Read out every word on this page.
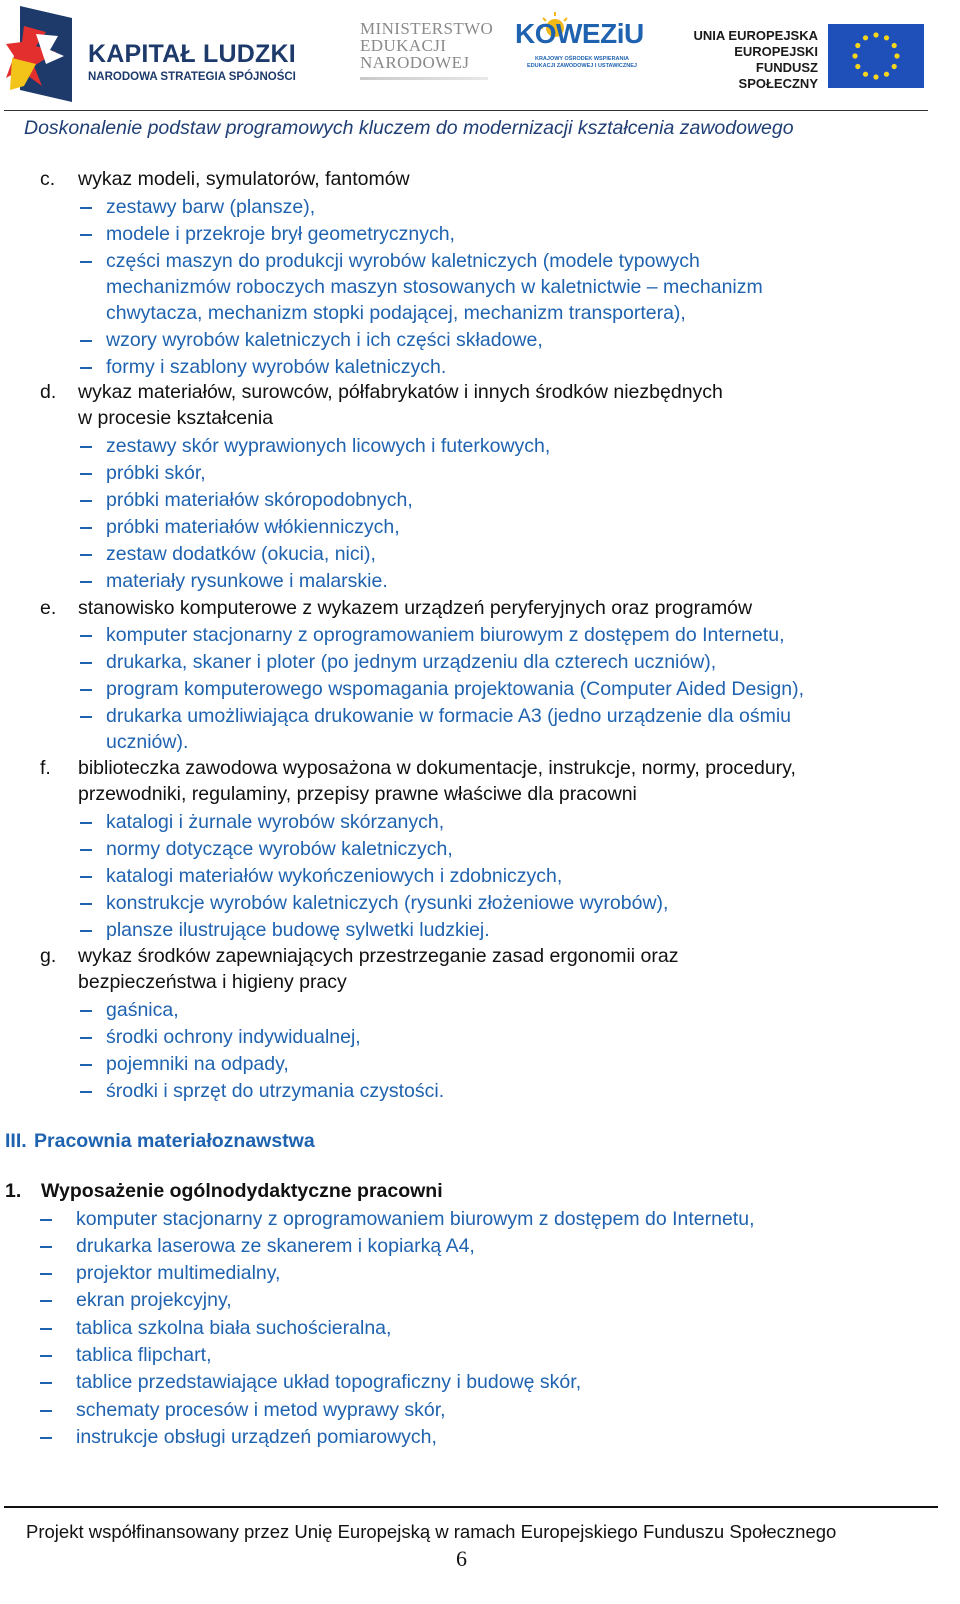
KAPITAŁ LUDZKI
NARODOWA STRATEGIA SPÓJNOŚCI
MINISTERSTWO
EDUKACJI
NARODOWEJ
KOWEZiU
KRAJOWY OŚRODEK WSPIERANIA
EDUKACJI ZAWODOWEJ I USTAWICZNEJ
UNIA EUROPEJSKA
EUROPEJSKI
FUNDUSZ SPOŁECZNY
Doskonalenie podstaw programowych kluczem do modernizacji kształcenia zawodowego
c. wykaz modeli, symulatorów, fantomów
zestawy barw (plansze),
modele i przekroje brył geometrycznych,
części maszyn do produkcji wyrobów kaletniczych (modele typowych
mechanizmów roboczych maszyn stosowanych w kaletnictwie – mechanizm
chwytacza, mechanizm stopki podającej, mechanizm transportera),
wzory wyrobów kaletniczych i ich części składowe,
formy i szablony wyrobów kaletniczych.
d. wykaz materiałów, surowców, półfabrykatów i innych środków niezbędnych
w procesie kształcenia
zestawy skór wyprawionych licowych i futerkowych,
próbki skór,
próbki materiałów skóropodobnych,
próbki materiałów włókienniczych,
zestaw dodatków (okucia, nici),
materiały rysunkowe i malarskie.
e. stanowisko komputerowe z wykazem urządzeń peryferyjnych oraz programów
komputer stacjonarny z oprogramowaniem biurowym z dostępem do Internetu,
drukarka, skaner i ploter (po jednym urządzeniu dla czterech uczniów),
program komputerowego wspomagania projektowania (Computer Aided Design),
drukarka umożliwiająca drukowanie w formacie A3 (jedno urządzenie dla ośmiu
uczniów).
f. biblioteczka zawodowa wyposażona w dokumentacje, instrukcje, normy, procedury,
przewodniki, regulaminy, przepisy prawne właściwe dla pracowni
katalogi i żurnale wyrobów skórzanych,
normy dotyczące wyrobów kaletniczych,
katalogi materiałów wykończeniowych i zdobniczych,
konstrukcje wyrobów kaletniczych (rysunki złożeniowe wyrobów),
plansze ilustrujące budowę sylwetki ludzkiej.
g. wykaz środków zapewniających przestrzeganie zasad ergonomii oraz
bezpieczeństwa i higieny pracy
gaśnica,
środki ochrony indywidualnej,
pojemniki na odpady,
środki i sprzęt do utrzymania czystości.
III. Pracownia materiałoznawstwa
1. Wyposażenie ogólnodydaktyczne pracowni
komputer stacjonarny z oprogramowaniem biurowym z dostępem do Internetu,
drukarka laserowa ze skanerem i kopiarką A4,
projektor multimedialny,
ekran projekcyjny,
tablica szkolna biała suchościeralna,
tablica flipchart,
tablice przedstawiające układ topograficzny i budowę skór,
schematy procesów i metod wyprawy skór,
instrukcje obsługi urządzeń pomiarowych,
Projekt współfinansowany przez Unię Europejską w ramach Europejskiego Funduszu Społecznego
6
